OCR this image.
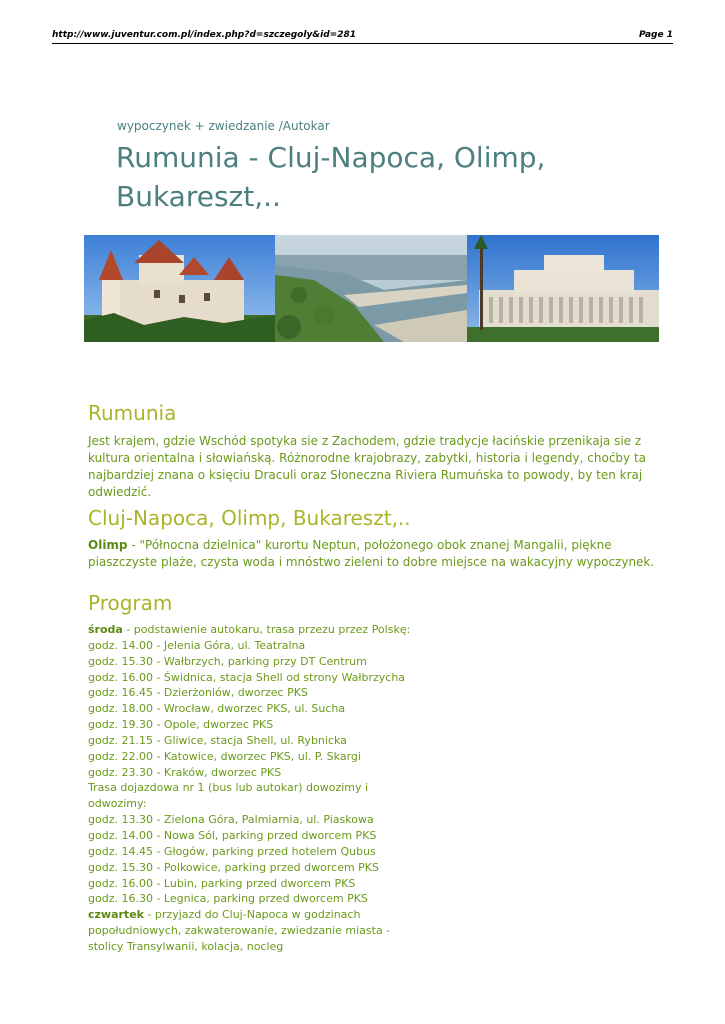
http://www.juventur.com.pl/index.php?d=szczegoly&id=281	Page 1
wypoczynek + zwiedzanie /Autokar
Rumunia - Cluj-Napoca, Olimp, Bukareszt,..
Rumunia
Jest krajem, gdzie Wschód spotyka sie z Zachodem, gdzie tradycje łacińskie przenikaja sie z kultura orientalna i słowiańską. Różnorodne krajobrazy, zabytki, historia i legendy, choćby ta najbardziej znana o księciu Draculi oraz Słoneczna Riviera Rumuńska to powody, by ten kraj odwiedzić.
Cluj-Napoca, Olimp, Bukareszt,..
Olimp - "Północna dzielnica" kurortu Neptun, położonego obok znanej Mangalii, piękne piaszczyste plaże, czysta woda i mnóstwo zieleni to dobre miejsce na wakacyjny wypoczynek.
Program
środa - podstawienie autokaru, trasa przezu przez Polskę:
godz. 14.00 - Jelenia Góra, ul. Teatralna
godz. 15.30 - Wałbrzych, parking przy DT Centrum
godz. 16.00 - Świdnica, stacja Shell od strony Wałbrzycha
godz. 16.45 - Dzierżoniów, dworzec PKS
godz. 18.00 - Wrocław, dworzec PKS, ul. Sucha
godz. 19.30 - Opole, dworzec PKS
godz. 21.15 - Gliwice, stacja Shell, ul. Rybnicka
godz. 22.00 - Katowice, dworzec PKS, ul. P. Skargi
godz. 23.30 - Kraków, dworzec PKS
Trasa dojazdowa nr 1 (bus lub autokar) dowozimy i
odwozimy:
godz. 13.30 - Zielona Góra, Palmiarnia, ul. Piaskowa
godz. 14.00 - Nowa Sól, parking przed dworcem PKS
godz. 14.45 - Głogów, parking przed hotelem Qubus
godz. 15.30 - Polkowice, parking przed dworcem PKS
godz. 16.00 - Lubin, parking przed dworcem PKS
godz. 16.30 - Legnica, parking przed dworcem PKS
czwartek - przyjazd do Cluj-Napoca w godzinach
popołudniowych, zakwaterowanie, zwiedzanie miasta -
stolicy Transylwanii, kolacja, nocleg
